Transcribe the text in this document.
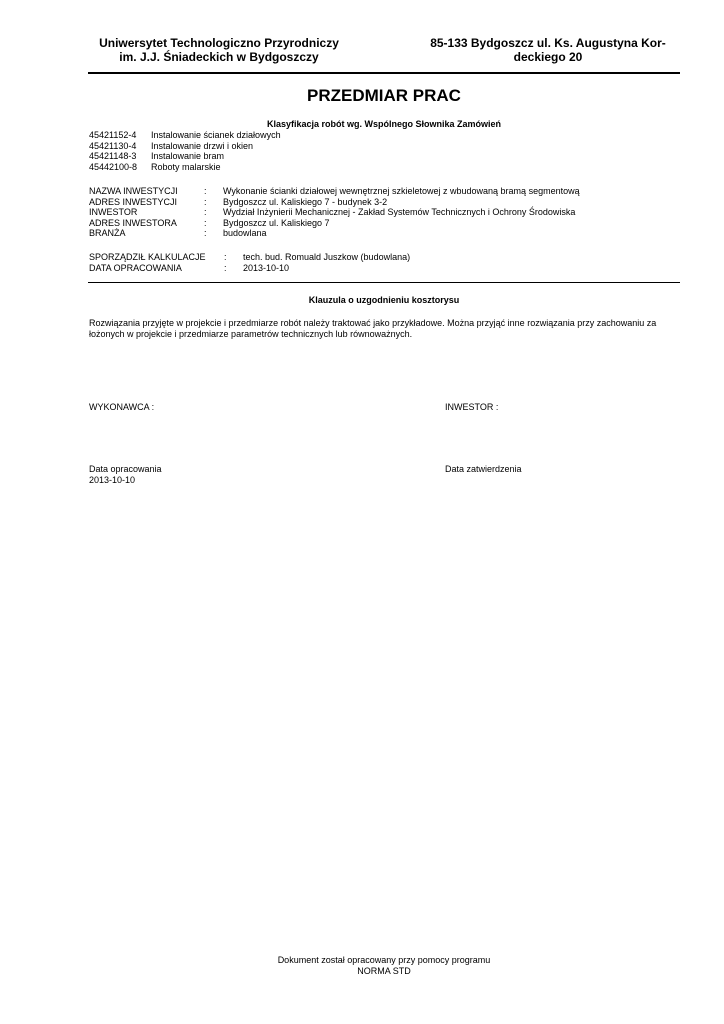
Uniwersytet Technologiczno Przyrodniczy
im. J.J. Śniadeckich w Bydgoszczy
85-133 Bydgoszcz ul. Ks. Augustyna Kor-
deckiego 20
PRZEDMIAR PRAC
Klasyfikacja robót wg. Wspólnego Słownika Zamówień
45421152-4	Instalowanie ścianek działowych
45421130-4	Instalowanie drzwi i okien
45421148-3	Instalowanie bram
45442100-8	Roboty malarskie
NAZWA INWESTYCJI	:	Wykonanie ścianki działowej wewnętrznej szkieletowej z wbudowaną bramą segmentową
ADRES INWESTYCJI	:	Bydgoszcz ul. Kaliskiego 7 - budynek 3-2
INWESTOR	:	Wydział Inżynierii Mechanicznej - Zakład Systemów Technicznych i Ochrony Środowiska
ADRES INWESTORA	:	Bydgoszcz ul. Kaliskiego 7
BRANŻA	:	budowlana
SPORZĄDZIŁ KALKULACJE	:	tech. bud. Romuald Juszkow (budowlana)
DATA OPRACOWANIA	:	2013-10-10
Klauzula o uzgodnieniu kosztorysu
Rozwiązania przyjęte w projekcie i przedmiarze robót należy traktować jako przykładowe. Można przyjąć inne rozwiązania przy zachowaniu za
łożonych w projekcie i przedmiarze parametrów technicznych lub równoważnych.
WYKONAWCA :	INWESTOR :
Data opracowania
2013-10-10
Data zatwierdzenia
Dokument został opracowany przy pomocy programu
NORMA STD
